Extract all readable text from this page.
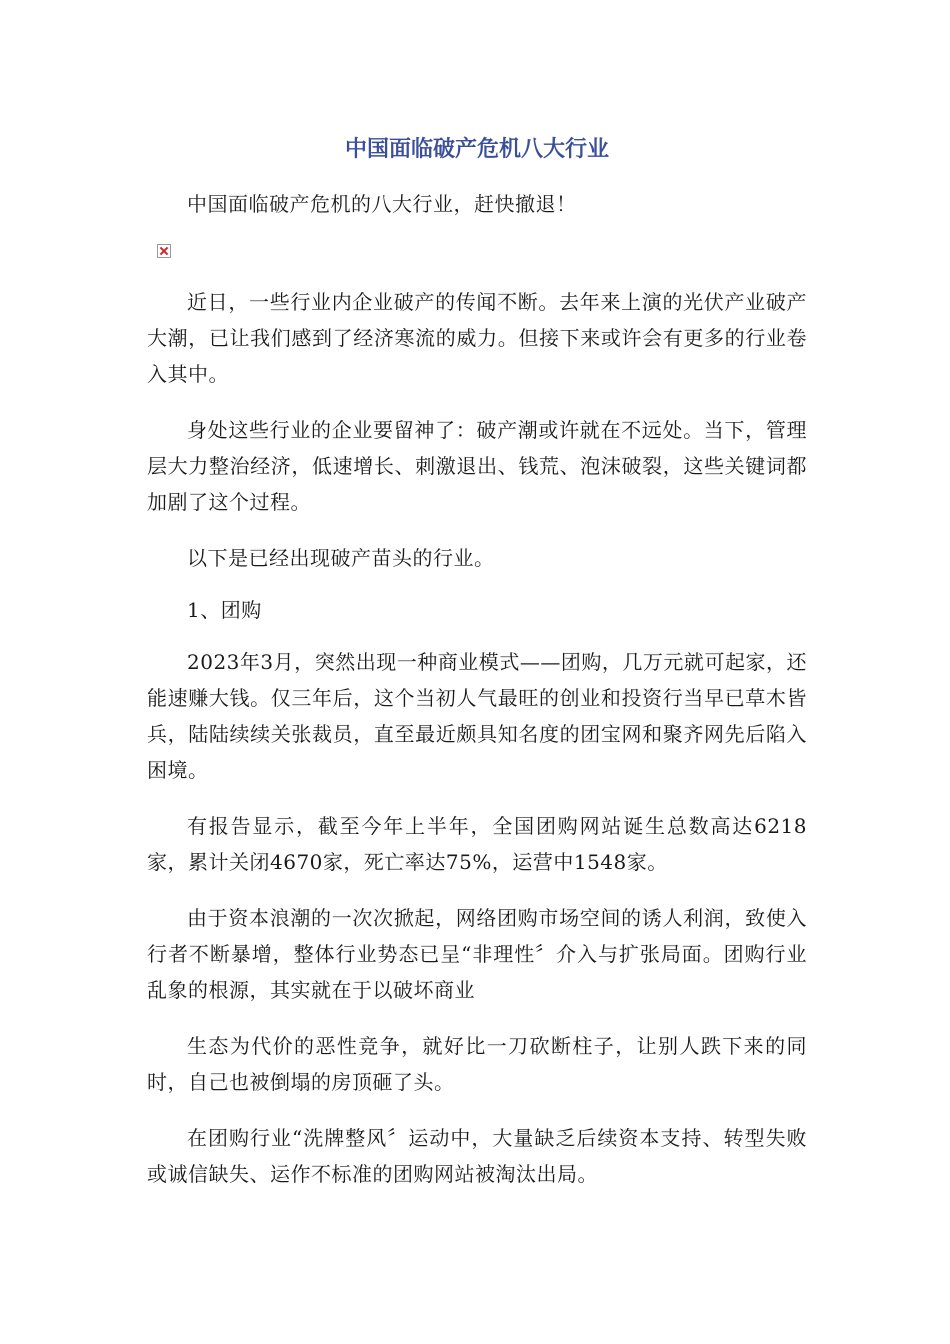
中国面临破产危机八大行业

中国面临破产危机的八大行业，赶快撤退！

近日，一些行业内企业破产的传闻不断。去年来上演的光伏产业破产大潮，已让我们感到了经济寒流的威力。但接下来或许会有更多的行业卷入其中。

身处这些行业的企业要留神了：破产潮或许就在不远处。当下，管理层大力整治经济，低速增长、刺激退出、钱荒、泡沫破裂，这些关键词都加剧了这个过程。

以下是已经出现破产苗头的行业。

1、团购

2023年3月，突然出现一种商业模式——团购，几万元就可起家，还能速赚大钱。仅三年后，这个当初人气最旺的创业和投资行当早已草木皆兵，陆陆续续关张裁员，直至最近颇具知名度的团宝网和聚齐网先后陷入困境。

有报告显示，截至今年上半年，全国团购网站诞生总数高达6218家，累计关闭4670家，死亡率达75%，运营中1548家。

由于资本浪潮的一次次掀起，网络团购市场空间的诱人利润，致使入行者不断暴增，整体行业势态已呈“非理性〞介入与扩张局面。团购行业乱象的根源，其实就在于以破坏商业

生态为代价的恶性竞争，就好比一刀砍断柱子，让别人跌下来的同时，自己也被倒塌的房顶砸了头。

在团购行业“洗牌整风〞运动中，大量缺乏后续资本支持、转型失败或诚信缺失、运作不标准的团购网站被淘汰出局。
